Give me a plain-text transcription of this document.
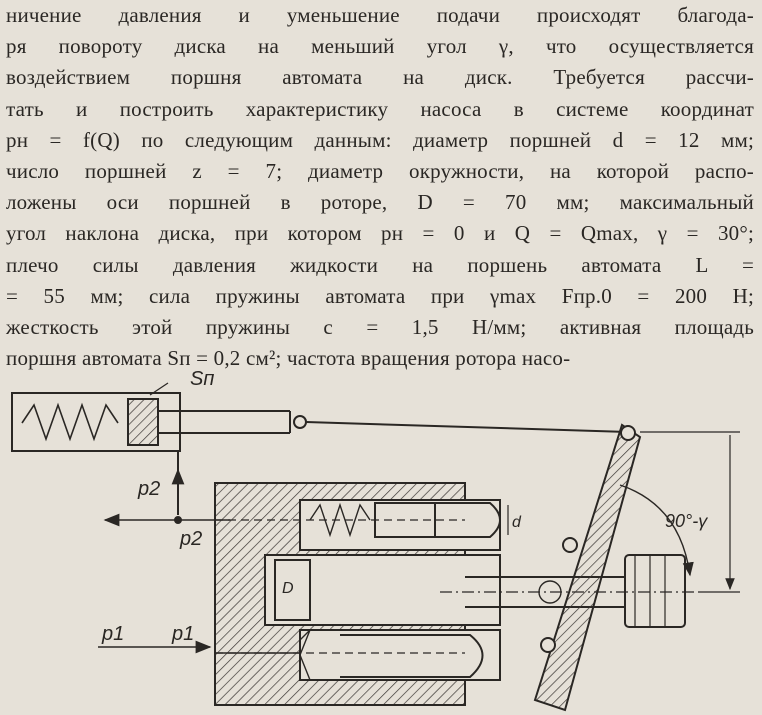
ничение давления и уменьшение подачи происходят благода-
ря повороту диска на меньший угол γ, что осуществляется
воздействием поршня автомата на диск. Требуется рассчи-
тать и построить характеристику насоса в системе координат
pн = f(Q) по следующим данным: диаметр поршней d = 12 мм;
число поршней z = 7; диаметр окружности, на которой распо-
ложены оси поршней в роторе, D = 70 мм; максимальный
угол наклона диска, при котором pн = 0 и Q = Qmax, γ = 30°;
плечо силы давления жидкости на поршень автомата L =
= 55 мм; сила пружины автомата при γmax Fпр.0 = 200 Н;
жесткость этой пружины c = 1,5 Н/мм; активная площадь
поршня автомата Sп = 0,2 см²; частота вращения ротора насо-
Sп
p2
p2
d
D
90°-γ
p1 p1
